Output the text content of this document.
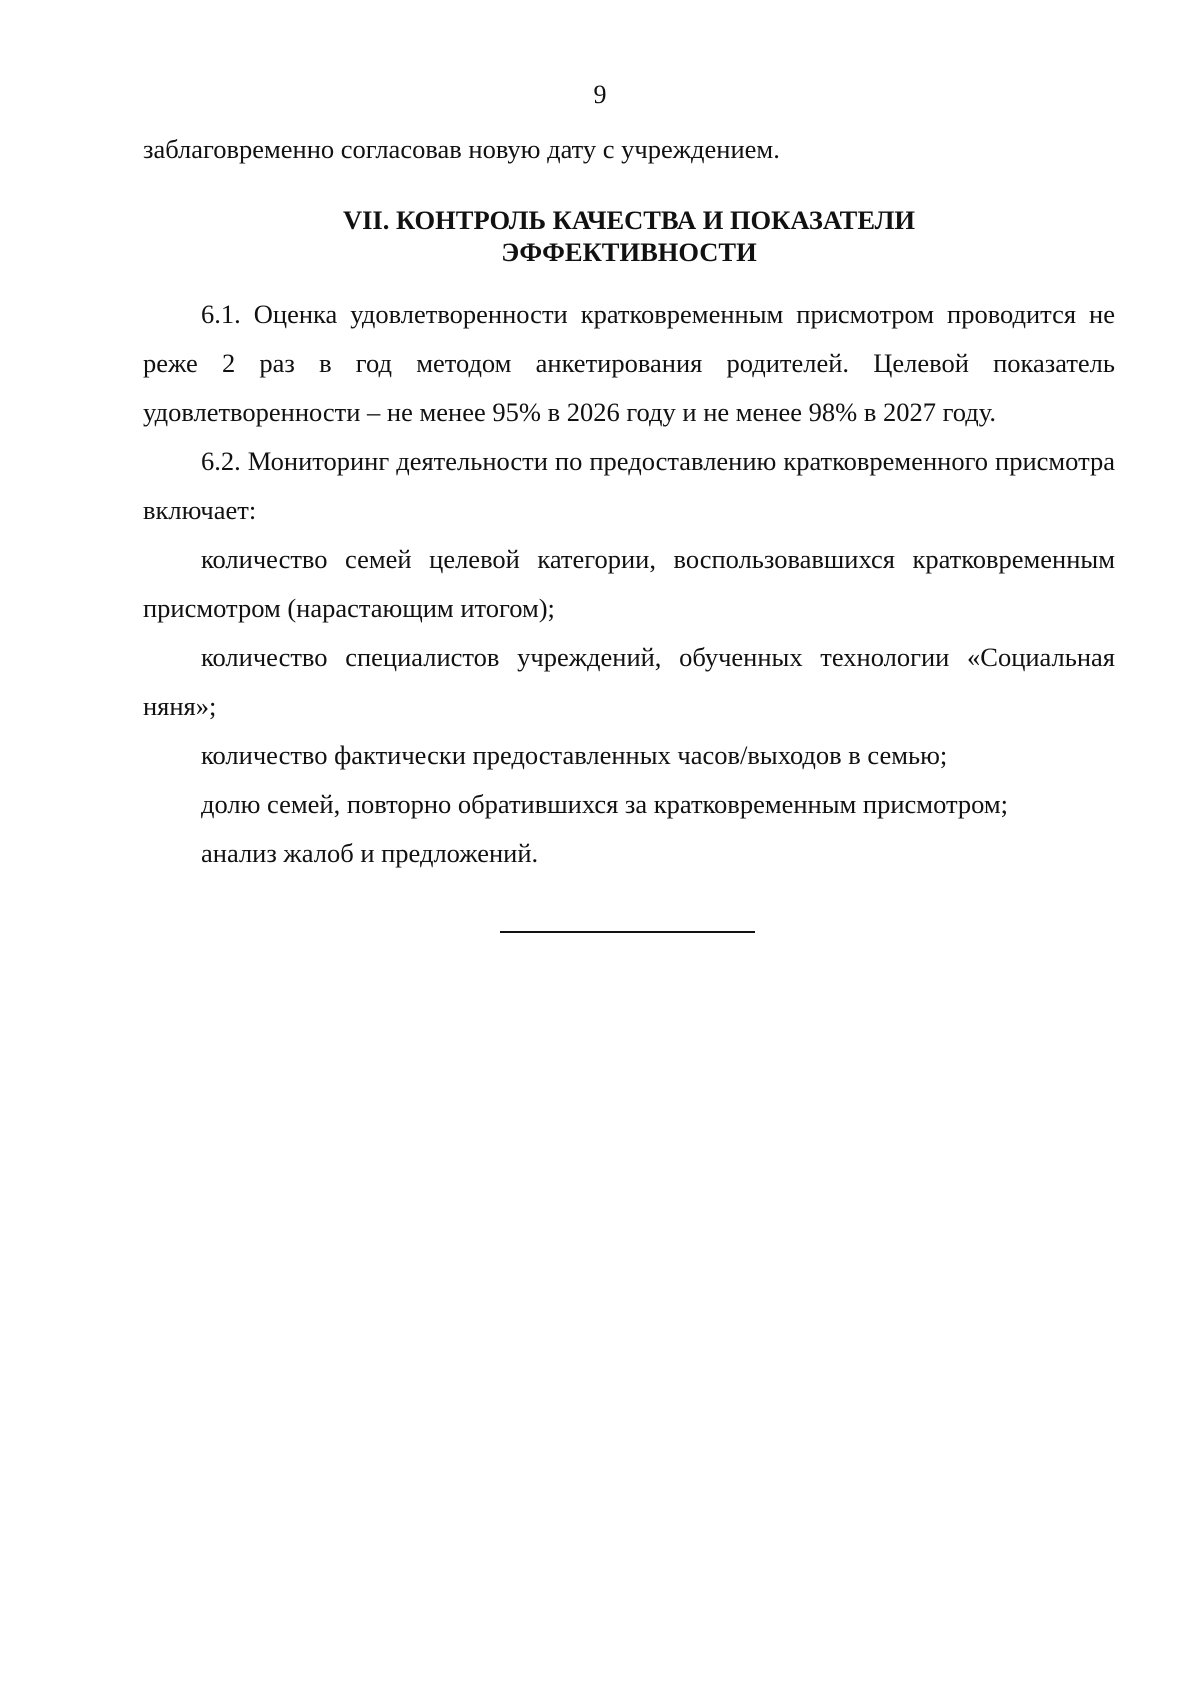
9

заблаговременно согласовав новую дату с учреждением.

VII. КОНТРОЛЬ КАЧЕСТВА И ПОКАЗАТЕЛИ
ЭФФЕКТИВНОСТИ

6.1. Оценка удовлетворенности кратковременным присмотром проводится не реже 2 раз в год методом анкетирования родителей. Целевой показатель удовлетворенности – не менее 95% в 2026 году и не менее 98% в 2027 году.

6.2. Мониторинг деятельности по предоставлению кратковременного присмотра включает:

количество семей целевой категории, воспользовавшихся кратковременным присмотром (нарастающим итогом);

количество специалистов учреждений, обученных технологии «Социальная няня»;

количество фактически предоставленных часов/выходов в семью;

долю семей, повторно обратившихся за кратковременным присмотром;

анализ жалоб и предложений.
